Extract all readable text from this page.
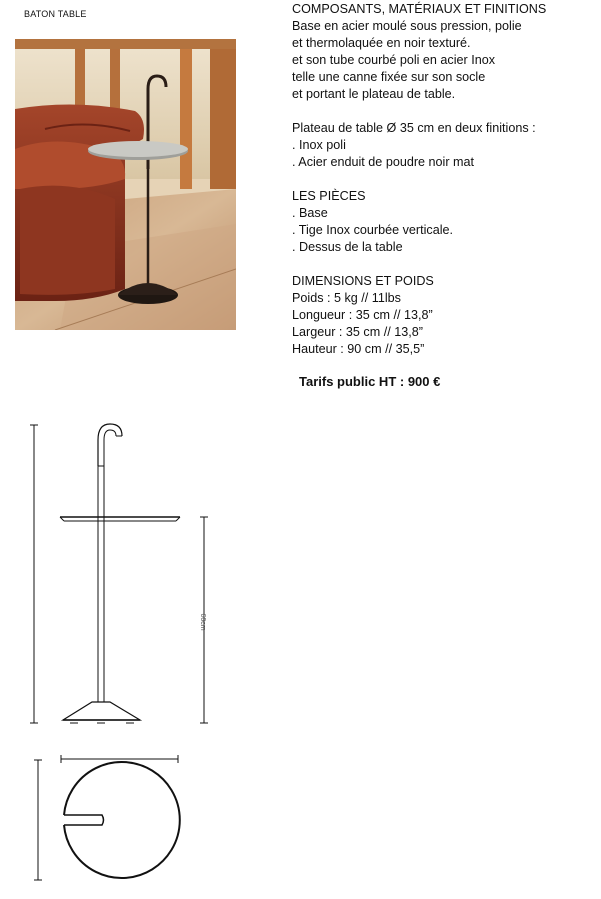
BATON TABLE	COMPOSANTS, MATÉRIAUX ET FINITIONS
Base en acier moulé sous pression, polie
et thermolaquée en noir texturé.
et son tube courbé poli en acier Inox
telle une canne fixée sur son socle
et portant le plateau de table.
Plateau de table Ø 35 cm en deux finitions :
. Inox poli
. Acier enduit de poudre noir mat
LES PIÈCES
. Base
. Tige Inox courbée verticale.
. Dessus de la table
DIMENSIONS ET POIDS
Poids : 5 kg // 11lbs
Longueur : 35 cm // 13,8”
Largeur : 35 cm // 13,8”
Hauteur : 90 cm // 35,5”
Tarifs public HT : 900 €
60cm
